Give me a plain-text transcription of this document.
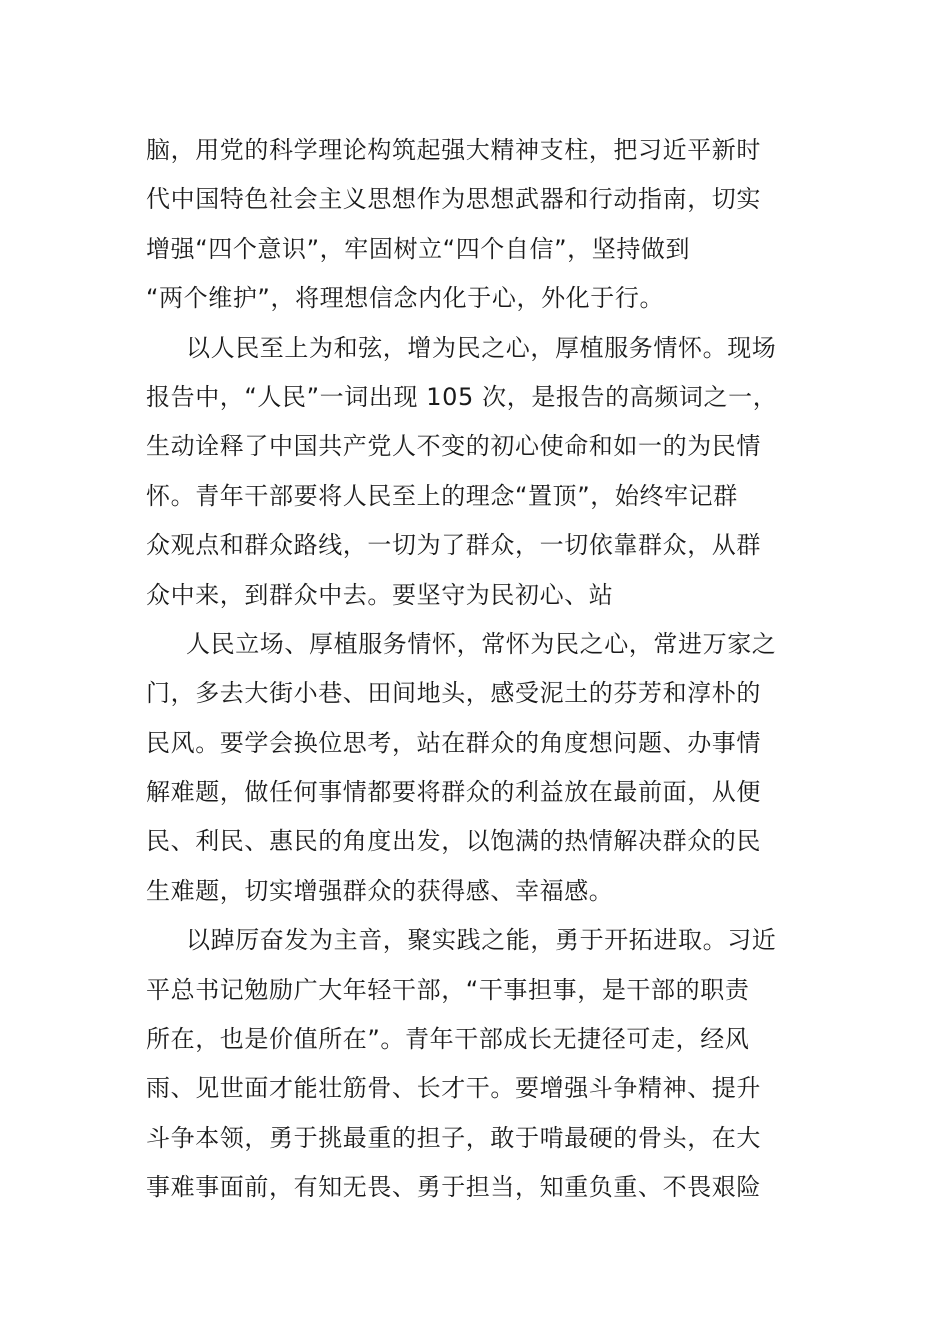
脑，用党的科学理论构筑起强大精神支柱，把习近平新时
代中国特色社会主义思想作为思想武器和行动指南，切实
增强“四个意识”，牢固树立“四个自信”，坚持做到
“两个维护”，将理想信念内化于心，外化于行。
以人民至上为和弦，增为民之心，厚植服务情怀。现场
报告中，“人民”一词出现 105 次，是报告的高频词之一，
生动诠释了中国共产党人不变的初心使命和如一的为民情
怀。青年干部要将人民至上的理念“置顶”，始终牢记群
众观点和群众路线，一切为了群众，一切依靠群众，从群
众中来，到群众中去。要坚守为民初心、站
人民立场、厚植服务情怀，常怀为民之心，常进万家之
门，多去大街小巷、田间地头，感受泥土的芬芳和淳朴的
民风。要学会换位思考，站在群众的角度想问题、办事情
解难题，做任何事情都要将群众的利益放在最前面，从便
民、利民、惠民的角度出发，以饱满的热情解决群众的民
生难题，切实增强群众的获得感、幸福感。
以踔厉奋发为主音，聚实践之能，勇于开拓进取。习近
平总书记勉励广大年轻干部，“干事担事，是干部的职责
所在，也是价值所在”。青年干部成长无捷径可走，经风
雨、见世面才能壮筋骨、长才干。要增强斗争精神、提升
斗争本领，勇于挑最重的担子，敢于啃最硬的骨头，在大
事难事面前，有知无畏、勇于担当，知重负重、不畏艰险
